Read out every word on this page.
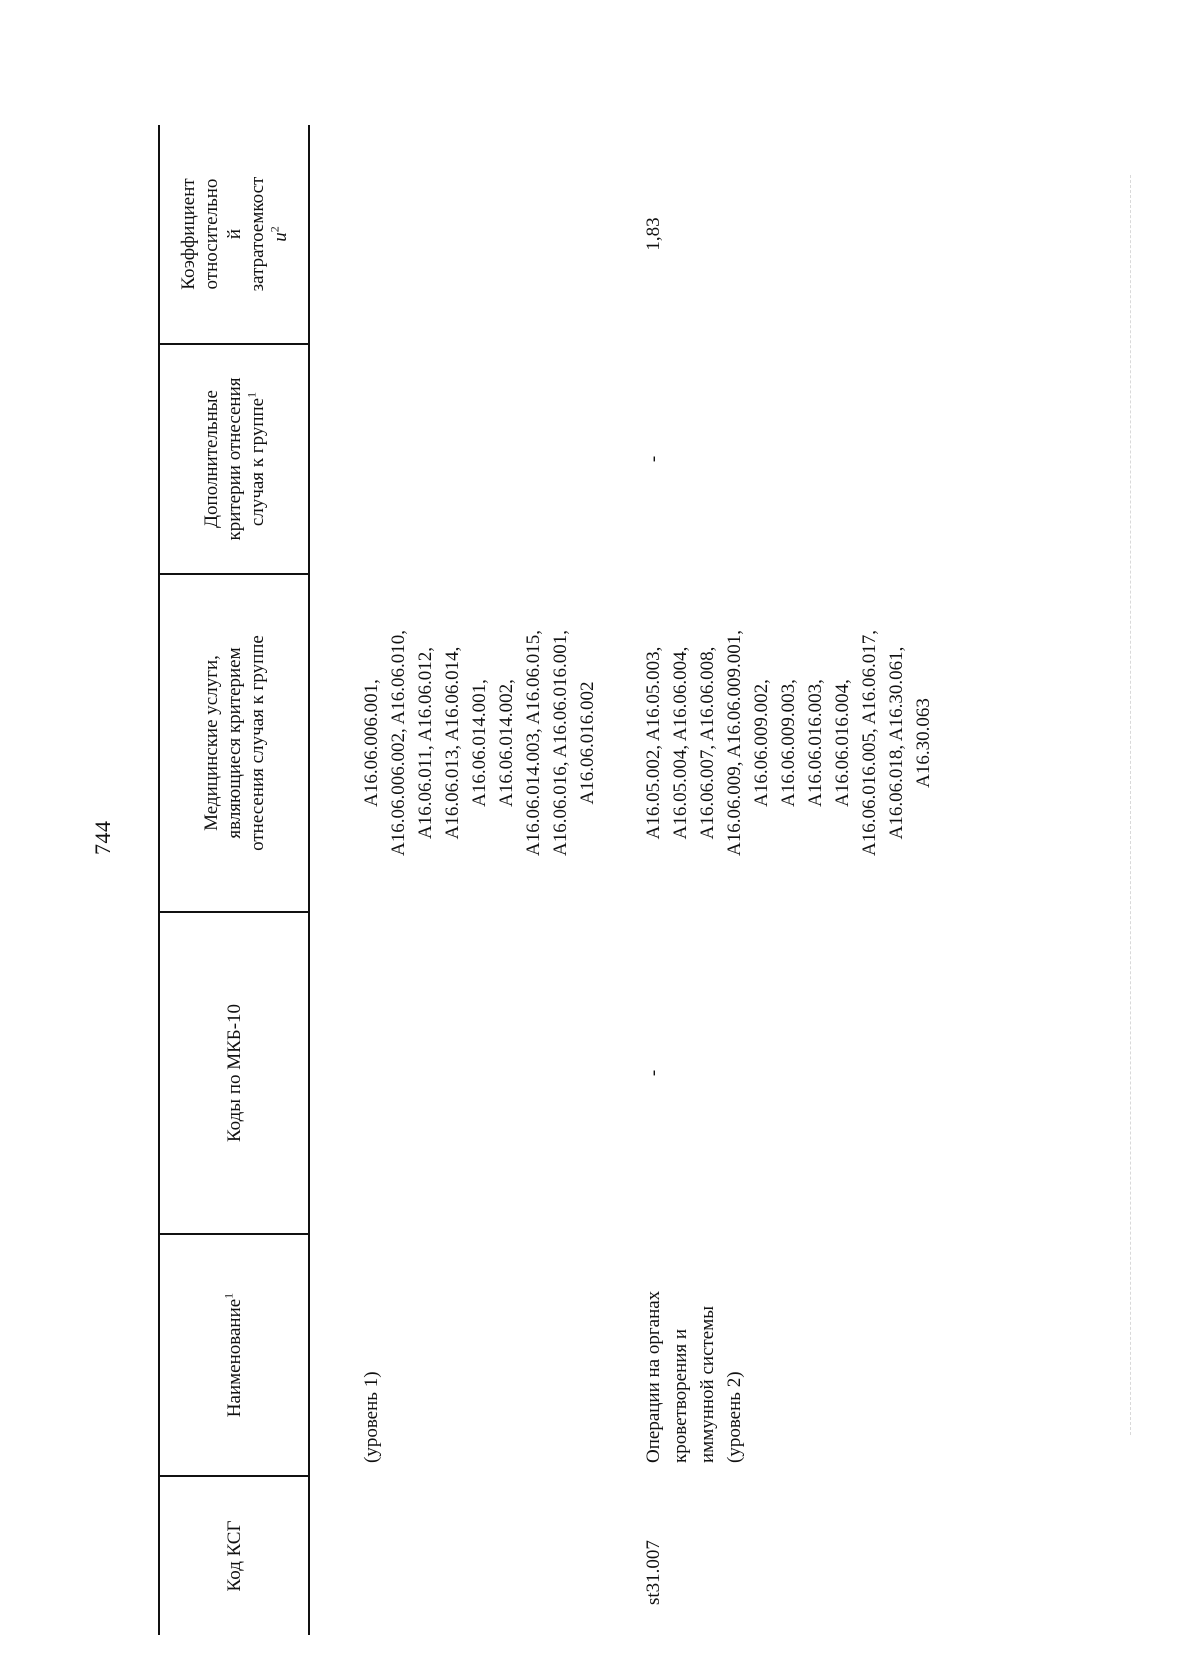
744
Код КСГ
Наименование$^1$
Коды по МКБ-10
Медицинские услуги, являющиеся критерием отнесения случая к группе
Дополнительные критерии отнесения случая к группе$^1$
Коэффициент относительно й затратоемкост $и^2$
(уровень 1)
A16.06.006.001, A16.06.006.002, A16.06.010, A16.06.011, A16.06.012, A16.06.013, A16.06.014, A16.06.014.001, A16.06.014.002, A16.06.014.003, A16.06.015, A16.06.016, A16.06.016.001, A16.06.016.002
st31.007
Операции на органах кроветворения и иммунной системы (уровень 2)
-
A16.05.002, A16.05.003, A16.05.004, A16.06.004, A16.06.007, A16.06.008, A16.06.009, A16.06.009.001, A16.06.009.002, A16.06.009.003, A16.06.016.003, A16.06.016.004, A16.06.016.005, A16.06.017, A16.06.018, A16.30.061, A16.30.063
-
1,83
